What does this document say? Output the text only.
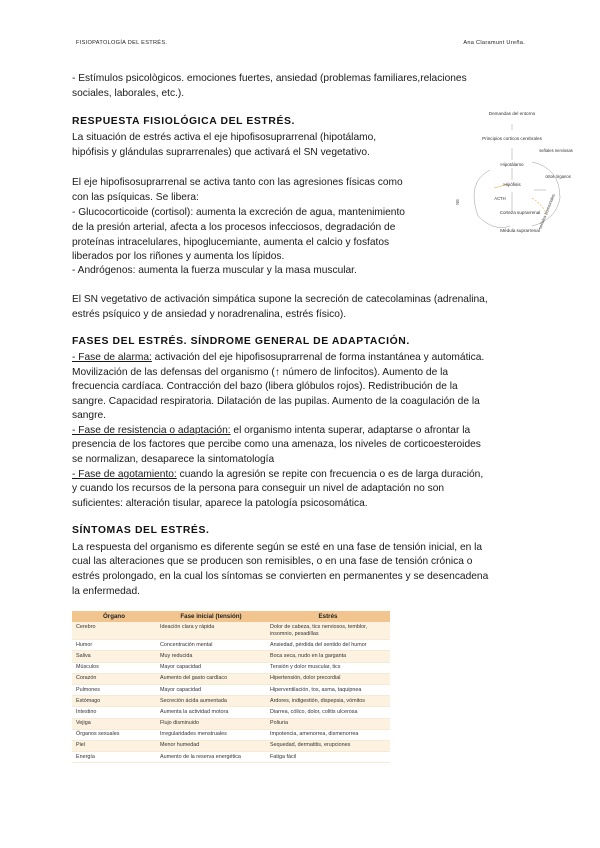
FISIOPATOLOGÍA DEL ESTRÉS.	Ana Claramunt Ureña.
- Estímulos psicològicos. emociones fuertes, ansiedad (problemas familiares,relaciones
sociales, laborales, etc.).
RESPUESTA FISIOLÓGICA DEL ESTRÉS.
La situación de estrés activa el eje hipofisosuprarrenal (hipotálamo,
hipófisis y glándulas suprarrenales) que activará el SN vegetativo.
El eje hipofisosuprarrenal se activa tanto con las agresiones físicas como
con las psíquicas. Se libera:
- Glucocorticoide (cortisol): aumenta la excreción de agua, mantenimiento
de la presión arterial, afecta a los procesos infecciosos, degradación de
proteínas intracelulares, hipoglucemiante, aumenta el calcio y fosfatos
liberados por los riñones y aumenta los lípidos.
- Andrógenos: aumenta la fuerza muscular y la masa muscular.
El SN vegetativo de activación simpática supone la secreción de catecolaminas (adrenalina,
estrés psíquico y de ansiedad y noradrenalina, estrés físico).
Demandas del entorno
Principios corticos cerebrales
Hipotálamo
Hipófisis
ACTH
Corteza suprarrenal
Médula suprarrenal
SN
señales nerviosas
otros órganos
señales hormonales
FASES DEL ESTRÉS. SÍNDROME GENERAL DE ADAPTACIÓN.
- Fase de alarma: activación del eje hipofisosuprarrenal de forma instantánea y automática.
Movilización de las defensas del organismo (↑ número de linfocitos). Aumento de la
frecuencia cardíaca. Contracción del bazo (libera glóbulos rojos). Redistribución de la
sangre. Capacidad respiratoria. Dilatación de las pupilas. Aumento de la coagulación de la
sangre.
- Fase de resistencia o adaptación: el organismo intenta superar, adaptarse o afrontar la
presencia de los factores que percibe como una amenaza, los niveles de corticoesteroides
se normalizan, desaparece la sintomatología
- Fase de agotamiento: cuando la agresión se repite con frecuencia o es de larga duración,
y cuando los recursos de la persona para conseguir un nivel de adaptación no son
suficientes: alteración tisular, aparece la patología psicosomática.
SÍNTOMAS DEL ESTRÉS.
La respuesta del organismo es diferente según se esté en una fase de tensión inicial, en la
cual las alteraciones que se producen son remisibles, o en una fase de tensión crónica o
estrés prolongado, en la cual los síntomas se convierten en permanentes y se desencadena
la enfermedad.
Órgano	Fase inicial (tensión)	Estrés
Cerebro	Ideación clara y rápida	Dolor de cabeza, tics nerviosos, temblor, insomnio, pesadillas
Humor	Concentración mental	Ansiedad, pérdida del sentido del humor
Saliva	Muy reducida	Boca seca, nudo en la garganta
Músculos	Mayor capacidad	Tensión y dolor muscular, tics
Corazón	Aumento del gasto cardíaco	Hipertensión, dolor precordial
Pulmones	Mayor capacidad	Hiperventilación, tos, asma, taquipnea
Estómago	Secreción ácida aumentada	Ardores, indigestión, dispepsia, vómitos
Intestino	Aumenta la actividad motora	Diarrea, cólico, dolor, colitis ulcerosa
Vejiga	Flujo disminuido	Poliuria
Órganos sexuales	Irregularidades menstruales	Impotencia, amenorrea, dismenorrea
Piel	Menor humedad	Sequedad, dermatitis, erupciones
Energía	Aumento de la reserva energética	Fatiga fácil
